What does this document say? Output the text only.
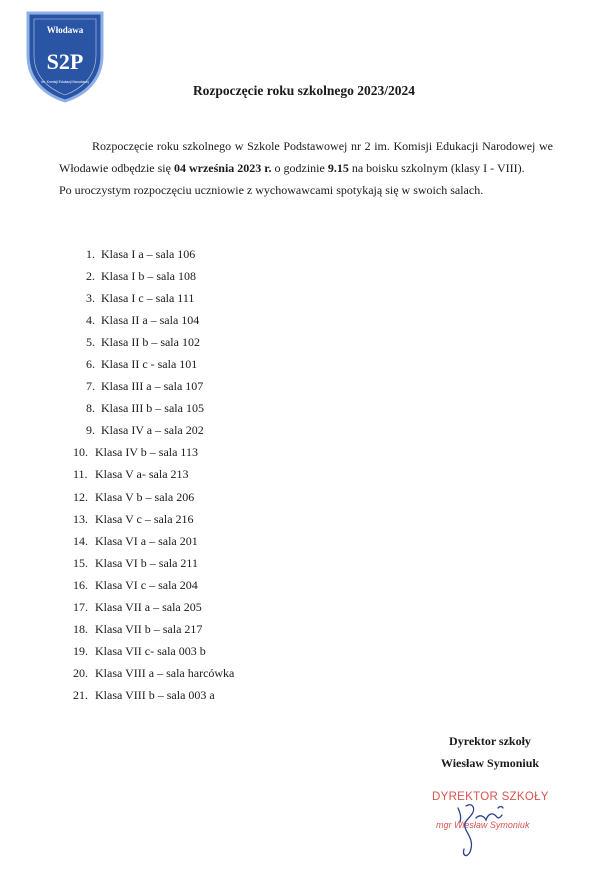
Włodawa
S2P
im. Komisji Edukacji Narodowej
Rozpoczęcie roku szkolnego 2023/2024

Rozpoczęcie roku szkolnego w Szkole Podstawowej nr 2 im. Komisji Edukacji Narodowej we Włodawie odbędzie się 04 września 2023 r. o godzinie 9.15 na boisku szkolnym (klasy I - VIII).

Po uroczystym rozpoczęciu uczniowie z wychowawcami spotykają się w swoich salach.

1. Klasa I a – sala 106
2. Klasa I b – sala 108
3. Klasa I c – sala 111
4. Klasa II a – sala 104
5. Klasa II b – sala 102
6. Klasa II c - sala 101
7. Klasa III a – sala 107
8. Klasa III b – sala 105
9. Klasa IV a – sala 202
10. Klasa IV b – sala 113
11. Klasa V a- sala 213
12. Klasa V b – sala 206
13. Klasa V c – sala 216
14. Klasa VI a – sala 201
15. Klasa VI b – sala 211
16. Klasa VI c – sala 204
17. Klasa VII a – sala 205
18. Klasa VII b – sala 217
19. Klasa VII c- sala 003 b
20. Klasa VIII a – sala harcówka
21. Klasa VIII b – sala 003 a
Dyrektor szkoły
Wiesław Symoniuk
DYREKTOR SZKOŁY
mgr Wiesław Symoniuk
